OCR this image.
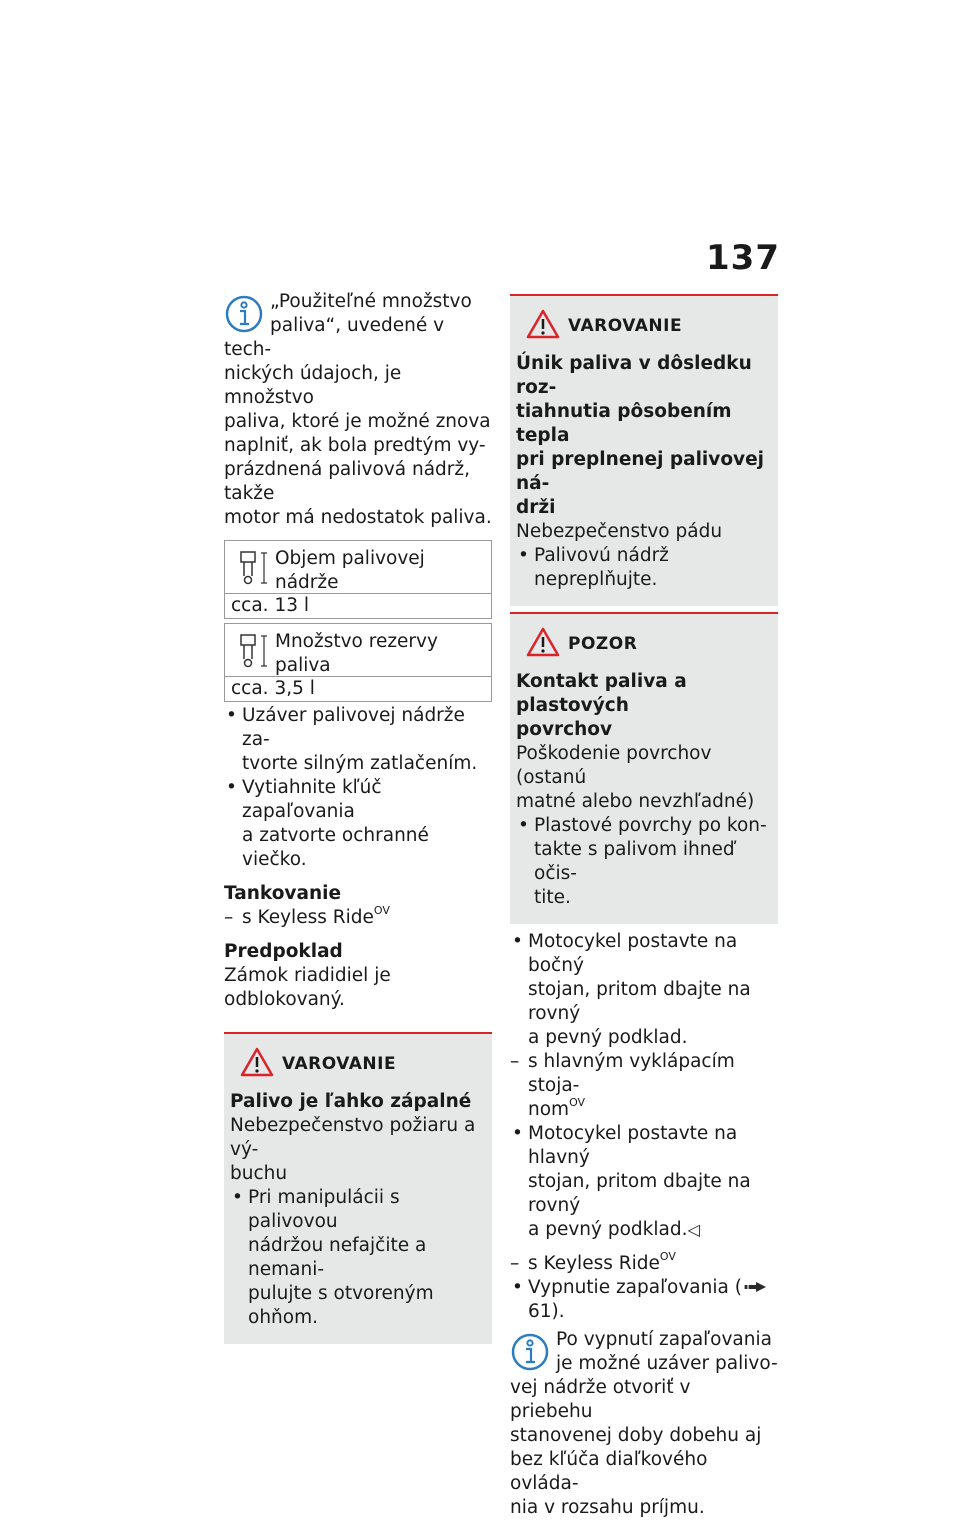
137
„Použiteľné množstvo
paliva“, uvedené v tech-
nických údajoch, je množstvo
paliva, ktoré je možné znova
naplniť, ak bola predtým vy-
prázdnená palivová nádrž, takže
motor má nedostatok paliva.
Objem palivovej nádrže
cca. 13 l
Množstvo rezervy paliva
cca. 3,5 l
• Uzáver palivovej nádrže za-
tvorte silným zatlačením.
• Vytiahnite kľúč zapaľovania
a zatvorte ochranné viečko.
Tankovanie
– s Keyless Ride$^{OV}$
Predpoklad
Zámok riadidiel je odblokovaný.
VAROVANIE
Palivo je ľahko zápalné
Nebezpečenstvo požiaru a vý-
buchu
• Pri manipulácii s palivovou
nádržou nefajčite a nemani-
pulujte s otvoreným ohňom.
VAROVANIE
Únik paliva v dôsledku roz-
tiahnutia pôsobením tepla
pri preplnenej palivovej ná-
drži
Nebezpečenstvo pádu
• Palivovú nádrž nepreplňujte.
POZOR
Kontakt paliva a plastových
povrchov
Poškodenie povrchov (ostanú
matné alebo nevzhľadné)
• Plastové povrchy po kon-
takte s palivom ihneď očis-
tite.
• Motocykel postavte na bočný
stojan, pritom dbajte na rovný
a pevný podklad.
– s hlavným vyklápacím stoja-
nom$^{OV}$
• Motocykel postavte na hlavný
stojan, pritom dbajte na rovný
a pevný podklad.◁
– s Keyless Ride$^{OV}$
• Vypnutie zapaľovania (61).
Po vypnutí zapaľovania
je možné uzáver palivo-
vej nádrže otvoriť v priebehu
stanovenej doby dobehu aj
bez kľúča diaľkového ovláda-
nia v rozsahu príjmu.
